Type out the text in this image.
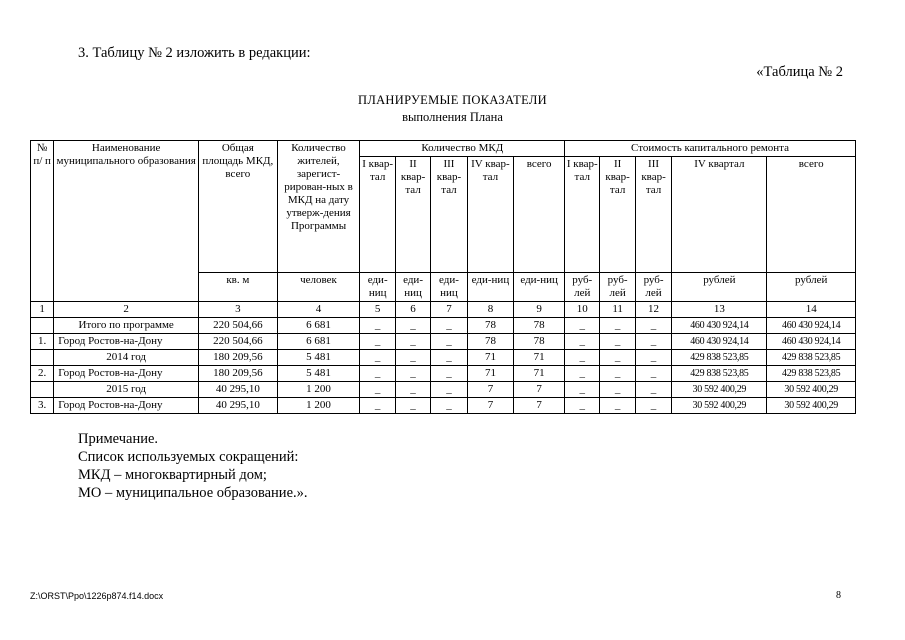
3. Таблицу № 2 изложить в редакции:
«Таблица № 2
ПЛАНИРУЕМЫЕ ПОКАЗАТЕЛИ
выполнения Плана
№ п/ п	Наименование муниципального образования	Общая площадь МКД, всего	Количество жителей, зарегист-рирован-ных в МКД на дату утверж-дения Программы	Количество МКД					Стоимость капитального ремонта				
				I квар-тал	II квар-тал	III квар-тал	IV квар-тал	всего	I квар-тал	II квар-тал	III квар-тал	IV квартал	всего
		кв. м	человек	еди-ниц	еди-ниц	еди-ниц	еди-ниц	еди-ниц	руб-лей	руб-лей	руб-лей	рублей	рублей
1	2	3	4	5	6	7	8	9	10	11	12	13	14
	Итого по программе	220 504,66	6 681	_	_	_	78	78	_	_	_	460 430 924,14	460 430 924,14
1.	Город Ростов-на-Дону	220 504,66	6 681	_	_	_	78	78	_	_	_	460 430 924,14	460 430 924,14
	2014 год	180 209,56	5 481	_	_	_	71	71	_	_	_	429 838 523,85	429 838 523,85
2.	Город Ростов-на-Дону	180 209,56	5 481	_	_	_	71	71	_	_	_	429 838 523,85	429 838 523,85
	2015 год	40 295,10	1 200	_	_	_	7	7	_	_	_	30 592 400,29	30 592 400,29
3.	Город Ростов-на-Дону	40 295,10	1 200	_	_	_	7	7	_	_	_	30 592 400,29	30 592 400,29
Примечание.
Список используемых сокращений:
МКД – многоквартирный дом;
МО – муниципальное образование.».
Z:\ORST\Ppo\1226p874.f14.docx	8
